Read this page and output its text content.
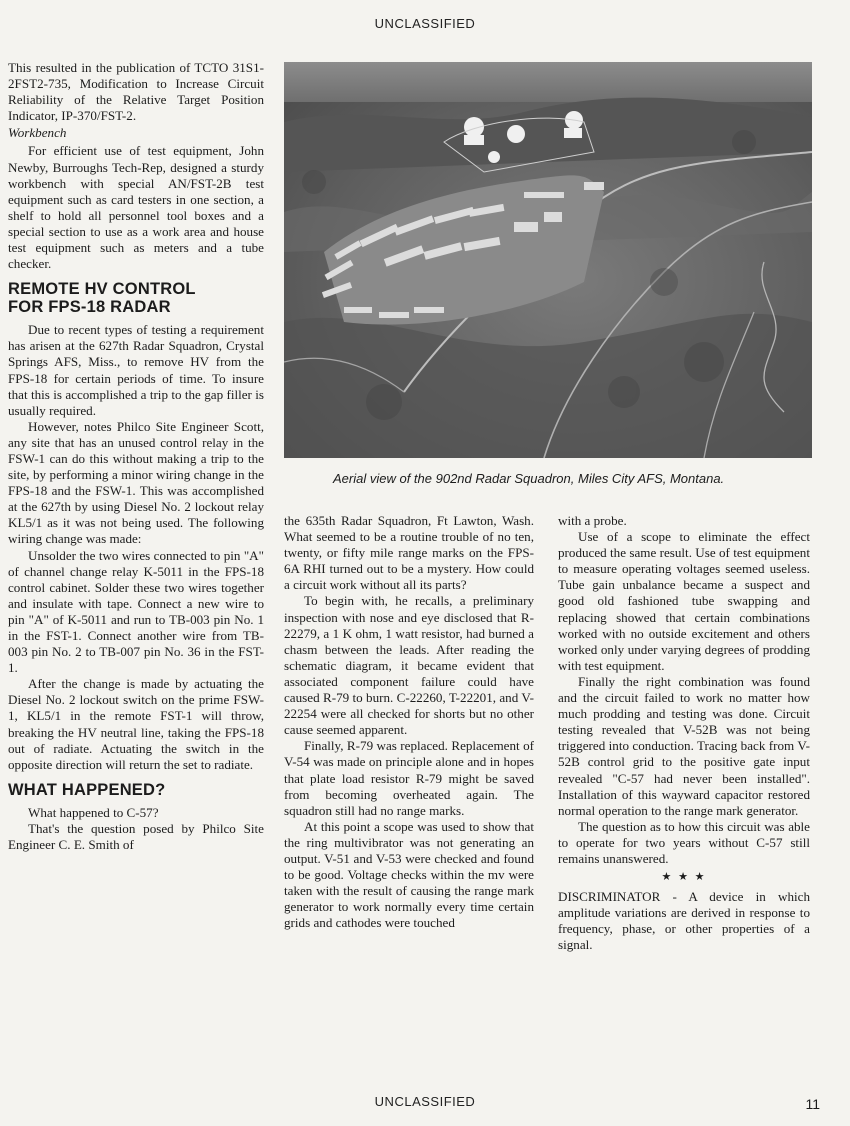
UNCLASSIFIED

This resulted in the publication of TCTO 31S1-2FST2-735, Modification to Increase Circuit Reliability of the Relative Target Position Indicator, IP-370/FST-2.

Workbench

For efficient use of test equipment, John Newby, Burroughs Tech-Rep, designed a sturdy workbench with special AN/FST-2B test equipment such as card testers in one section, a shelf to hold all personnel tool boxes and a special section to use as a work area and house test equipment such as meters and a tube checker.

REMOTE HV CONTROL
FOR FPS-18 RADAR

Due to recent types of testing a requirement has arisen at the 627th Radar Squadron, Crystal Springs AFS, Miss., to remove HV from the FPS-18 for certain periods of time. To insure that this is accomplished a trip to the gap filler is usually required.

However, notes Philco Site Engineer Scott, any site that has an unused control relay in the FSW-1 can do this without making a trip to the site, by performing a minor wiring change in the FPS-18 and the FSW-1. This was accomplished at the 627th by using Diesel No. 2 lockout relay KL5/1 as it was not being used. The following wiring change was made:

Unsolder the two wires connected to pin "A" of channel change relay K-5011 in the FPS-18 control cabinet. Solder these two wires together and insulate with tape. Connect a new wire to pin "A" of K-5011 and run to TB-003 pin No. 1 in the FST-1. Connect another wire from TB-003 pin No. 2 to TB-007 pin No. 36 in the FST-1.

After the change is made by actuating the Diesel No. 2 lockout switch on the prime FSW-1, KL5/1 in the remote FST-1 will throw, breaking the HV neutral line, taking the FPS-18 out of radiate. Actuating the switch in the opposite direction will return the set to radiate.

WHAT HAPPENED?

What happened to C-57?

That's the question posed by Philco Site Engineer C. E. Smith of

Aerial view of the 902nd Radar Squadron, Miles City AFS, Montana.

the 635th Radar Squadron, Ft Lawton, Wash. What seemed to be a routine trouble of no ten, twenty, or fifty mile range marks on the FPS-6A RHI turned out to be a mystery. How could a circuit work without all its parts?

To begin with, he recalls, a preliminary inspection with nose and eye disclosed that R-22279, a 1 K ohm, 1 watt resistor, had burned a chasm between the leads. After reading the schematic diagram, it became evident that associated component failure could have caused R-79 to burn. C-22260, T-22201, and V-22254 were all checked for shorts but no other cause seemed apparent.

Finally, R-79 was replaced. Replacement of V-54 was made on principle alone and in hopes that plate load resistor R-79 might be saved from becoming overheated again. The squadron still had no range marks.

At this point a scope was used to show that the ring multivibrator was not generating an output. V-51 and V-53 were checked and found to be good. Voltage checks within the mv were taken with the result of causing the range mark generator to work normally every time certain grids and cathodes were touched

with a probe.

Use of a scope to eliminate the effect produced the same result. Use of test equipment to measure operating voltages seemed useless. Tube gain unbalance became a suspect and good old fashioned tube swapping and replacing showed that certain combinations worked with no outside excitement and others worked only under varying degrees of prodding with test equipment.

Finally the right combination was found and the circuit failed to work no matter how much prodding and testing was done. Circuit testing revealed that V-52B was not being triggered into conduction. Tracing back from V-52B control grid to the positive gate input revealed "C-57 had never been installed". Installation of this wayward capacitor restored normal operation to the range mark generator.

The question as to how this circuit was able to operate for two years without C-57 still remains unanswered.

★ ★ ★

DISCRIMINATOR - A device in which amplitude variations are derived in response to frequency, phase, or other properties of a signal.

UNCLASSIFIED	11
